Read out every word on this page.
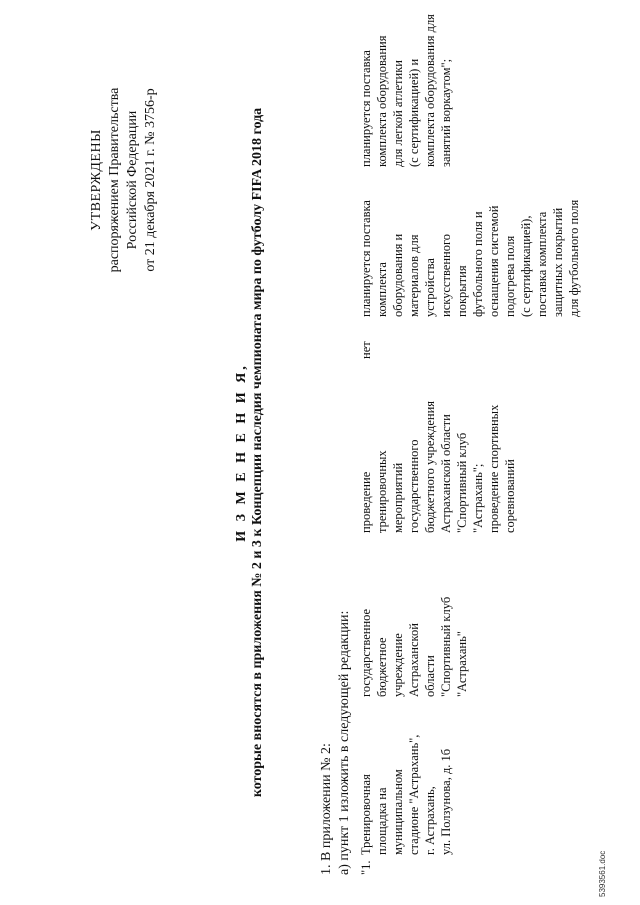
УТВЕРЖДЕНЫ распоряжением Правительства Российской Федерации от 21 декабря 2021 г. № 3756-р
И З М Е Н Е Н И Я, которые вносятся в приложения № 2 и 3 к Концепции наследия чемпионата мира по футболу FIFA 2018 года
1. В приложении № 2: а) пункт 1 изложить в следующей редакции: "1.
Тренировочная площадка на муниципальном стадионе "Астрахань", г. Астрахань, ул. Ползунова, д. 1б
государственное бюджетное учреждение Астраханской области "Спортивный клуб "Астрахань"
проведение тренировочных мероприятий государственного бюджетного учреждения Астраханской области "Спортивный клуб "Астрахань"; проведение спортивных соревнований
нет
планируется поставка комплекта оборудования и материалов для устройства искусственного покрытия футбольного поля и оснащения системой подогрева поля (с сертификацией), поставка комплекта защитных покрытий для футбольного поля
планируется поставка комплекта оборудования для легкой атлетики (с сертификацией) и комплекта оборудования для занятий воркаутом";
5393561.doc
